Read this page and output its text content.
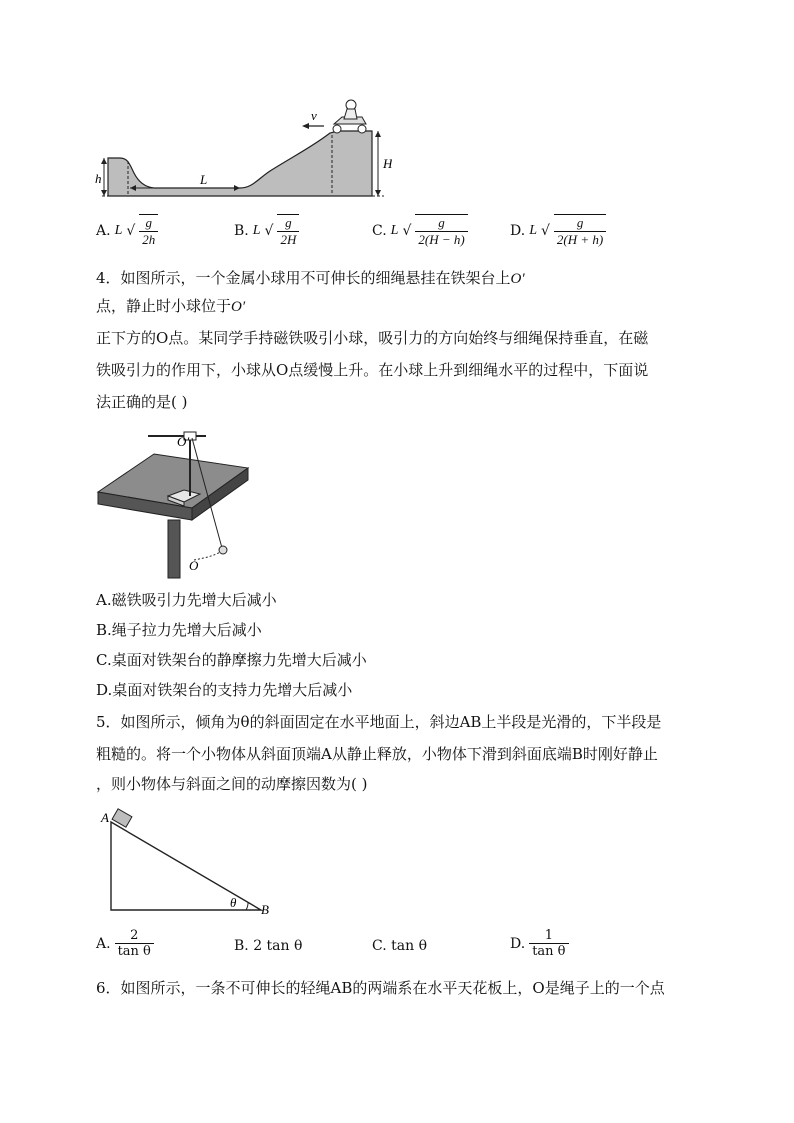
v
H
h	L
A. L √ $\frac{g}{2h}$	B. L √ $\frac{g}{2H}$	C. L √ $\frac{g}{2(H - h)}$	D. L √ $\frac{g}{2(H + h)}$
4．如图所示，一个金属小球用不可伸长的细绳悬挂在铁架台上O′
点，静止时小球位于O′
正下方的O点。某同学手持磁铁吸引小球，吸引力的方向始终与细绳保持垂直，在磁
铁吸引力的作用下，小球从O点缓慢上升。在小球上升到细绳水平的过程中，下面说
法正确的是( )
O′
O
A.磁铁吸引力先增大后减小
B.绳子拉力先增大后减小
C.桌面对铁架台的静摩擦力先增大后减小
D.桌面对铁架台的支持力先增大后减小
5．如图所示，倾角为θ的斜面固定在水平地面上，斜边AB上半段是光滑的，下半段是
粗糙的。将一个小物体从斜面顶端A从静止释放，小物体下滑到斜面底端B时刚好静止
，则小物体与斜面之间的动摩擦因数为( )
A
B
θ
A. $\frac{2}{\text{tan θ}}$	B. 2 tan θ	C. tan θ	D. $\frac{1}{\text{tan θ}}$
6．如图所示，一条不可伸长的轻绳AB的两端系在水平天花板上，O是绳子上的一个点
